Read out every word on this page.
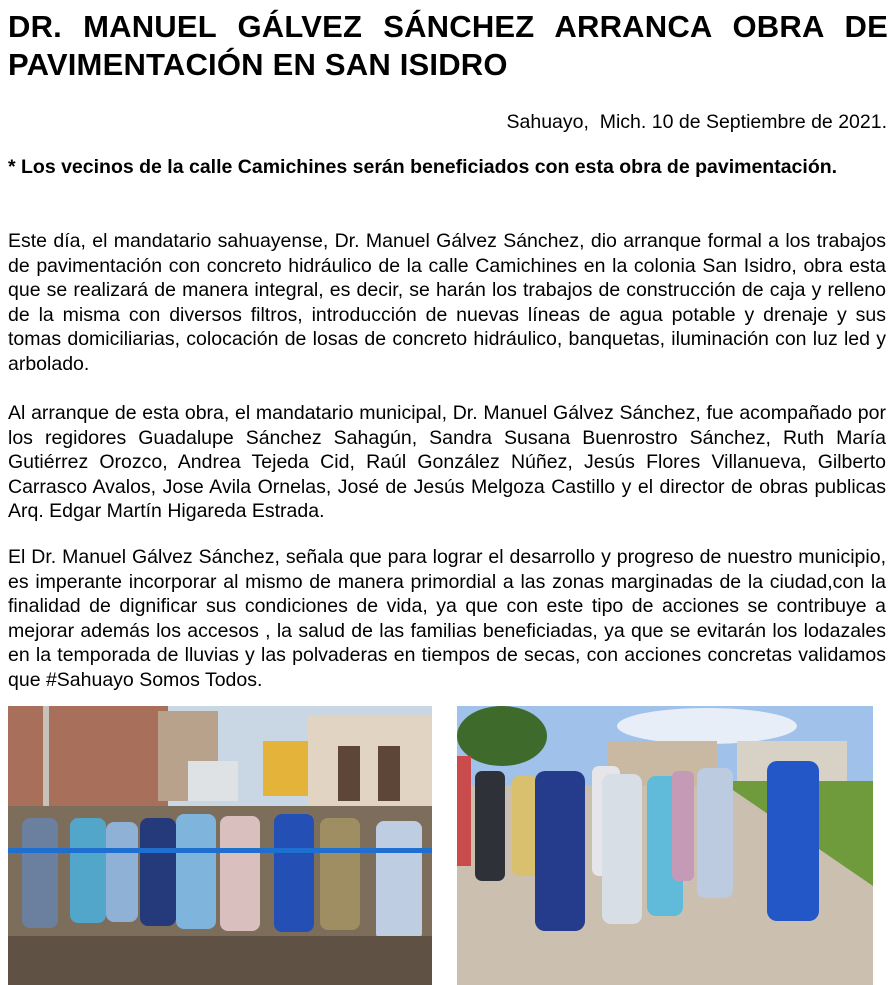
DR. MANUEL GÁLVEZ SÁNCHEZ ARRANCA OBRA DE PAVIMENTACIÓN EN SAN ISIDRO
Sahuayo,  Mich. 10 de Septiembre de 2021.

* Los vecinos de la calle Camichines serán beneficiados con esta obra de pavimentación.

Este día, el mandatario sahuayense, Dr. Manuel Gálvez Sánchez, dio arranque formal a los trabajos de pavimentación con concreto hidráulico de la calle Camichines en la colonia San Isidro, obra esta que se realizará de manera integral, es decir, se harán los trabajos de construcción de caja y relleno de la misma con diversos filtros, introducción de nuevas líneas de agua potable y drenaje y sus tomas domiciliarias, colocación de losas de concreto hidráulico, banquetas, iluminación con luz led y arbolado.

Al arranque de esta obra, el mandatario municipal, Dr. Manuel Gálvez Sánchez, fue acompañado por los regidores Guadalupe Sánchez Sahagún, Sandra Susana Buenrostro Sánchez, Ruth María Gutiérrez Orozco, Andrea Tejeda Cid, Raúl González Núñez, Jesús Flores Villanueva, Gilberto Carrasco Avalos, Jose Avila Ornelas, José de Jesús Melgoza Castillo y el director de obras publicas Arq. Edgar Martín Higareda Estrada.

El Dr. Manuel Gálvez Sánchez, señala que para lograr el desarrollo y progreso de nuestro municipio, es imperante incorporar al mismo de manera primordial a las zonas marginadas de la ciudad,con la finalidad de dignificar sus condiciones de vida, ya que con este tipo de acciones se contribuye a mejorar además los accesos , la salud de las familias beneficiadas, ya que se evitarán los lodazales en la temporada de lluvias y las polvaderas en tiempos de secas, con acciones concretas validamos que #Sahuayo Somos Todos.
